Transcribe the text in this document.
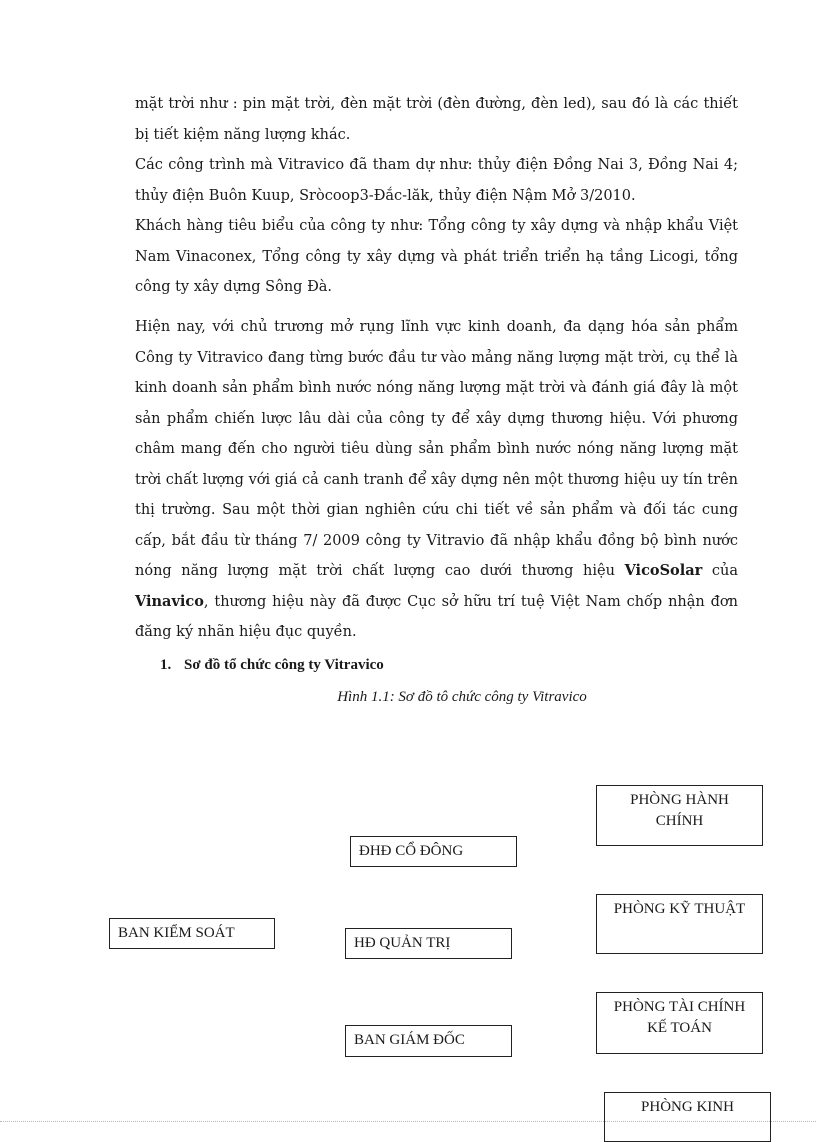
mặt trời như : pin mặt trời, đèn mặt trời (đèn đường, đèn led), sau đó là các thiết bị tiết kiệm năng lượng khác.

Các công trình mà Vitravico đã tham dự như: thủy điện Đồng Nai 3, Đồng Nai 4; thủy điện Buôn Kuup, Sròcoop3-Đắc-lăk, thủy điện Nậm Mở 3/2010.

Khách hàng tiêu biểu của công ty như: Tổng công ty xây dựng và nhập khẩu Việt Nam Vinaconex, Tổng công ty xây dựng và phát triển triển hạ tầng Licogi, tổng công ty xây dựng Sông Đà.

Hiện nay, với chủ trương mở rụng lĩnh vực kinh doanh, đa dạng hóa sản phẩm Công ty Vitravico đang từng bước đầu tư vào mảng năng lượng mặt trời, cụ thể là kinh doanh sản phẩm bình nước nóng năng lượng mặt trời và đánh giá đây là một sản phẩm chiến lược lâu dài của công ty để xây dựng thương hiệu. Với phương châm mang đến cho người tiêu dùng sản phẩm bình nước nóng năng lượng mặt trời chất lượng với giá cả canh tranh để xây dựng nên một thương hiệu uy tín trên thị trường. Sau một thời gian nghiên cứu chi tiết về sản phẩm và đối tác cung cấp, bắt đầu từ tháng 7/ 2009 công ty Vitravio đã nhập khẩu đồng bộ bình nước nóng năng lượng mặt trời chất lượng cao dưới thương hiệu VicoSolar của Vinavico, thương hiệu này đã được Cục sở hữu trí tuệ Việt Nam chốp nhận đơn đăng ký nhãn hiệu đục quyền.

1. Sơ đồ tổ chức công ty Vitravico
Hình 1.1: Sơ đồ tô chức công ty Vitravico
BAN KIỂM SOÁT
ĐHĐ CỔ ĐÔNG
HĐ QUẢN TRỊ
BAN GIÁM ĐỐC
PHÒNG HÀNH CHÍNH
PHÒNG KỸ THUẬT
PHÒNG TÀI CHÍNH KẾ TOÁN
PHÒNG KINH
